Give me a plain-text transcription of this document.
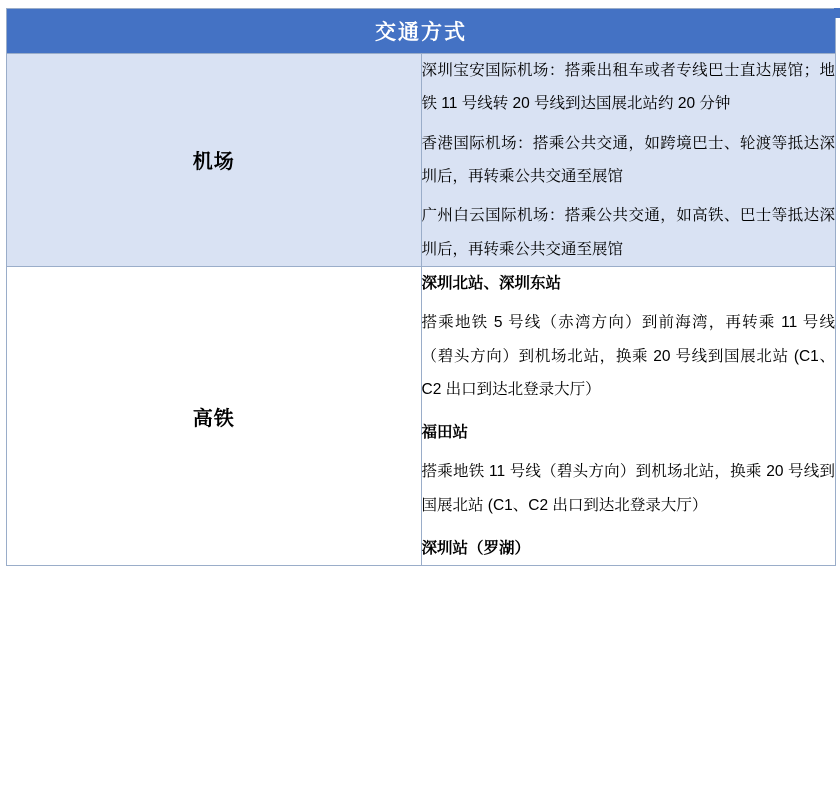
交通方式	
机场	深圳宝安国际机场：搭乘出租车或者专线巴士直达展馆；地铁 11 号线转 20 号线到达国展北站约 20 分钟

香港国际机场：搭乘公共交通，如跨境巴士、轮渡等抵达深圳后，再转乘公共交通至展馆

广州白云国际机场：搭乘公共交通，如高铁、巴士等抵达深圳后，再转乘公共交通至展馆

高铁	深圳北站、深圳东站

搭乘地铁 5 号线（赤湾方向）到前海湾，再转乘 11 号线（碧头方向）到机场北站，换乘 20 号线到国展北站 (C1、 C2 出口到达北登录大厅）

福田站

搭乘地铁 11 号线（碧头方向）到机场北站，换乘 20 号线到国展北站 (C1、C2 出口到达北登录大厅）

深圳站（罗湖）
